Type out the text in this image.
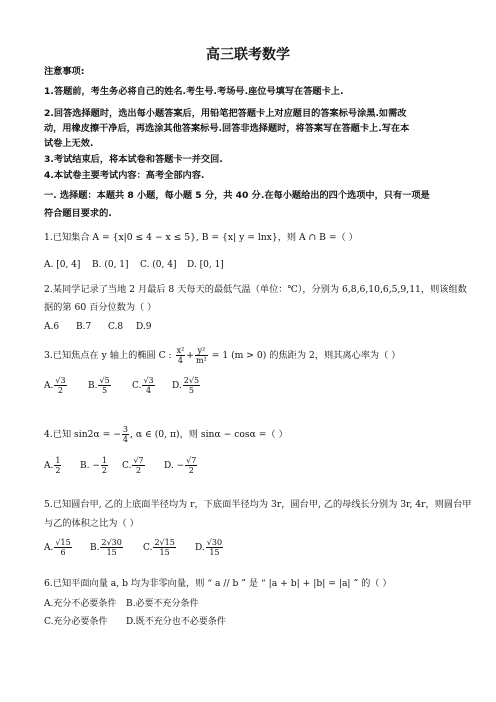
高三联考数学
注意事项:
1.答题前，考生务必将自己的姓名.考生号.考场号.座位号填写在答题卡上.
2.回答选择题时，选出每小题答案后，用铅笔把答题卡上对应题目的答案标号涂黑.如需改
动，用橡皮擦干净后，再选涂其他答案标号.回答非选择题时，将答案写在答题卡上.写在本
试卷上无效.
3.考试结束后，将本试卷和答题卡一并交回.
4.本试卷主要考试内容：高考全部内容.
一. 选择题：本题共 8 小题，每小题 5 分，共 40 分.在每小题给出的四个选项中，只有一项是
符合题目要求的.
1.已知集合 A = {x|0 ≤ 4 − x ≤ 5}, B = {x| y = lnx}，则 A ∩ B =（ ）
A. [0, 4] B. (0, 1] C. (0, 4] D. [0, 1]
2.某同学记录了当地 2 月最后 8 天每天的最低气温（单位：℃），分别为 6,8,6,10,6,5,9,11，则该组数
据的第 60 百分位数为（ ）
A.6 B.7 C.8 D.9
3.已知焦点在 y 轴上的椭圆 C : $\frac{\text{x²}}{4} + \frac{\text{y²}}{\text{m²}} = 1$ (m > 0) 的焦距为 2，则其离心率为（ ）
A. $\frac{√3}{2} B$. $\frac{√5}{5} C$. $\frac{√3}{4} D$. $\frac{2√5}{5}$
4.已知 sin2α = − $\frac{3}{4}$ , α ∈ (0, π)，则 sinα − cosα =（ ）
A. $\frac{1}{2} B$. − $\frac{1}{2} C$. $\frac{√7}{2} D$. − $\frac{√7}{2}$
5.已知圆台甲, 乙的上底面半径均为 r，下底面半径均为 3r，圆台甲, 乙的母线长分别为 3r, 4r，则圆台甲
与乙的体积之比为（ ）
A. $\frac{√15}{6} B$. $\frac{2√30}{15} C$. $\frac{2√15}{15} D$. $\frac{√30}{15}$
6.已知平面向量 a, b 均为非零向量，则 “ a // b ” 是 “ |a + b| + |b| = |a| ” 的（ ）
A.充分不必要条件 B.必要不充分条件
C.充分必要条件 D.既不充分也不必要条件
